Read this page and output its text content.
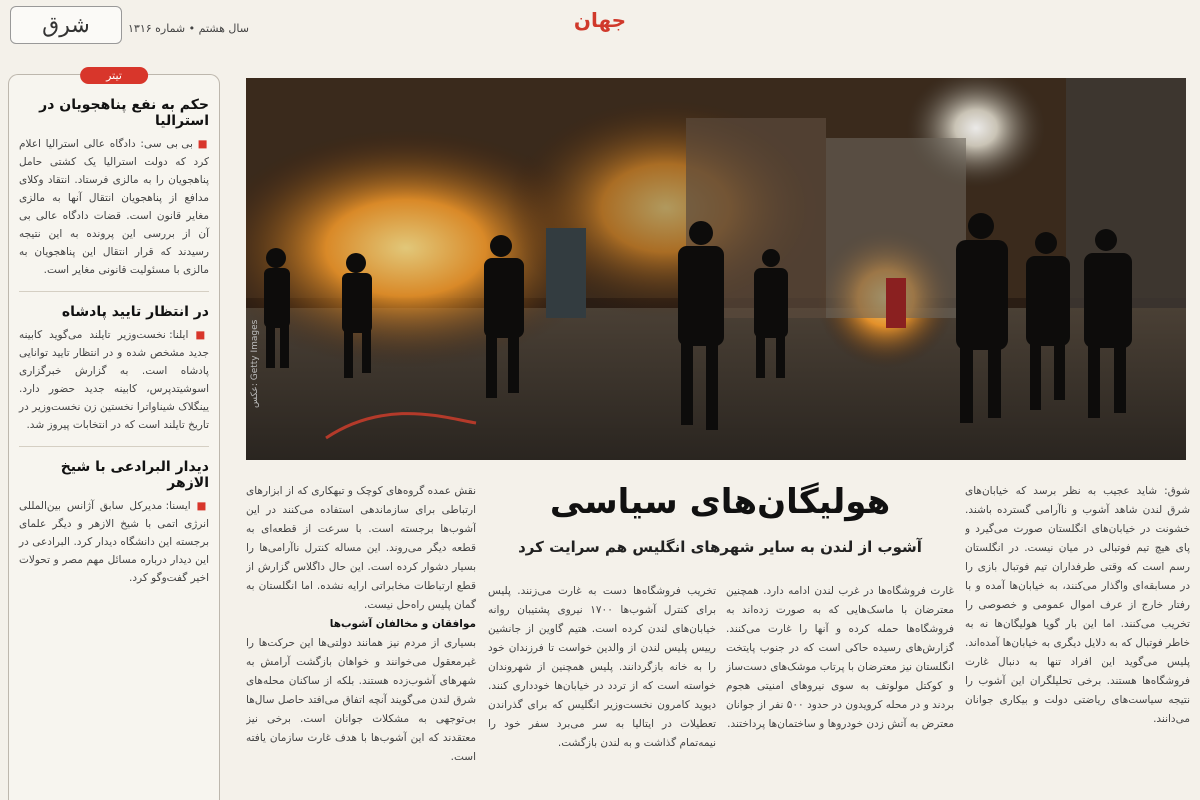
شرق	سال هشتم • شماره ۱۳۱۶	جهان
تیتر
حکم به نفع پناهجویان در استرالیا
■ بی بی سی: دادگاه عالی استرالیا اعلام کرد که دولت استرالیا یک کشتی حامل پناهجویان را به مالزی فرستاد. انتقاد وکلای مدافع از پناهجویان انتقال آنها به مالزی مغایر قانون است. قضات دادگاه عالی بی آن از بررسی این پرونده به این نتیجه رسیدند که قرار انتقال این پناهجویان به مالزی با مسئولیت قانونی مغایر است.
در انتظار تایید پادشاه
■ ایلنا: نخست‌وزیر تایلند می‌گوید کابینه جدید مشخص شده و در انتظار تایید توانایی پادشاه است. به گزارش خبرگزاری اسوشیتدپرس، کابینه جدید حضور دارد. یینگلاک شیناواترا نخستین زن نخست‌وزیر در تاریخ تایلند است که در انتخابات پیروز شد.
دیدار البرادعی با شیخ الازهر
■ ایسنا: مدیرکل سابق آژانس بین‌المللی انرژی اتمی با شیخ الازهر و دیگر علمای برجسته این دانشگاه دیدار کرد. البرادعی در این دیدار درباره مسائل مهم مصر و تحولات اخیر گفت‌وگو کرد.
عکس: Getty Images
هولیگان‌های سیاسی
آشوب از لندن به سایر شهرهای انگلیس هم سرایت کرد

شوق: شاید عجیب به نظر برسد که خیابان‌های شرق لندن شاهد آشوب و ناآرامی گسترده باشند. خشونت در خیابان‌های انگلستان صورت می‌گیرد و پای هیچ تیم فوتبالی در میان نیست. در انگلستان رسم است که وقتی طرفداران تیم فوتبال بازی را در مسابقه‌ای واگذار می‌کنند، به خیابان‌ها آمده و با رفتار خارج از عرف اموال عمومی و خصوصی را تخریب می‌کنند. اما این بار گویا هولیگان‌ها نه به خاطر فوتبال که به دلایل دیگری به خیابان‌ها آمده‌اند. پلیس می‌گوید این افراد تنها به دنبال غارت فروشگاه‌ها هستند. برخی تحلیلگران این آشوب را نتیجه سیاست‌های ریاضتی دولت و بیکاری جوانان می‌دانند.

غارت فروشگاه‌ها در غرب لندن ادامه دارد. همچنین معترضان با ماسک‌هایی که به صورت زده‌اند به فروشگاه‌ها حمله کرده و آنها را غارت می‌کنند. گزارش‌های رسیده حاکی است که در جنوب پایتخت انگلستان نیز معترضان با پرتاب موشک‌های دست‌ساز و کوکتل مولوتف به سوی نیروهای امنیتی هجوم بردند و در محله کرویدون در حدود ۵۰۰ نفر از جوانان معترض به آتش زدن خودروها و ساختمان‌ها پرداختند.

تخریب فروشگاه‌ها دست به غارت می‌زنند. پلیس برای کنترل آشوب‌ها ۱۷۰۰ نیروی پشتیبان روانه خیابان‌های لندن کرده است. هتیم گاوین از جانشین رییس پلیس لندن از والدین خواست تا فرزندان خود را به خانه بازگردانند. پلیس همچنین از شهروندان خواسته است که از تردد در خیابان‌ها خودداری کنند. دیوید کامرون نخست‌وزیر انگلیس که برای گذراندن تعطیلات در ایتالیا به سر می‌برد سفر خود را نیمه‌تمام گذاشت و به لندن بازگشت.

نقش عمده گروه‌های کوچک و تبهکاری که از ابزارهای ارتباطی برای سازماندهی استفاده می‌کنند در این آشوب‌ها برجسته است. با سرعت از قطعه‌ای به قطعه دیگر می‌روند. این مساله کنترل ناآرامی‌ها را بسیار دشوار کرده است. این حال داگلاس گزارش از قطع ارتباطات مخابراتی ارایه نشده. اما انگلستان به گمان پلیس راه‌حل نیست.

موافقان و مخالفان آشوب‌ها

بسیاری از مردم نیز همانند دولتی‌ها این حرکت‌ها را غیرمعقول می‌خوانند و خواهان بازگشت آرامش به شهرهای آشوب‌زده هستند. بلکه از ساکنان محله‌های شرق لندن می‌گویند آنچه اتفاق می‌افتد حاصل سال‌ها بی‌توجهی به مشکلات جوانان است. برخی نیز معتقدند که این آشوب‌ها با هدف غارت سازمان یافته است.
